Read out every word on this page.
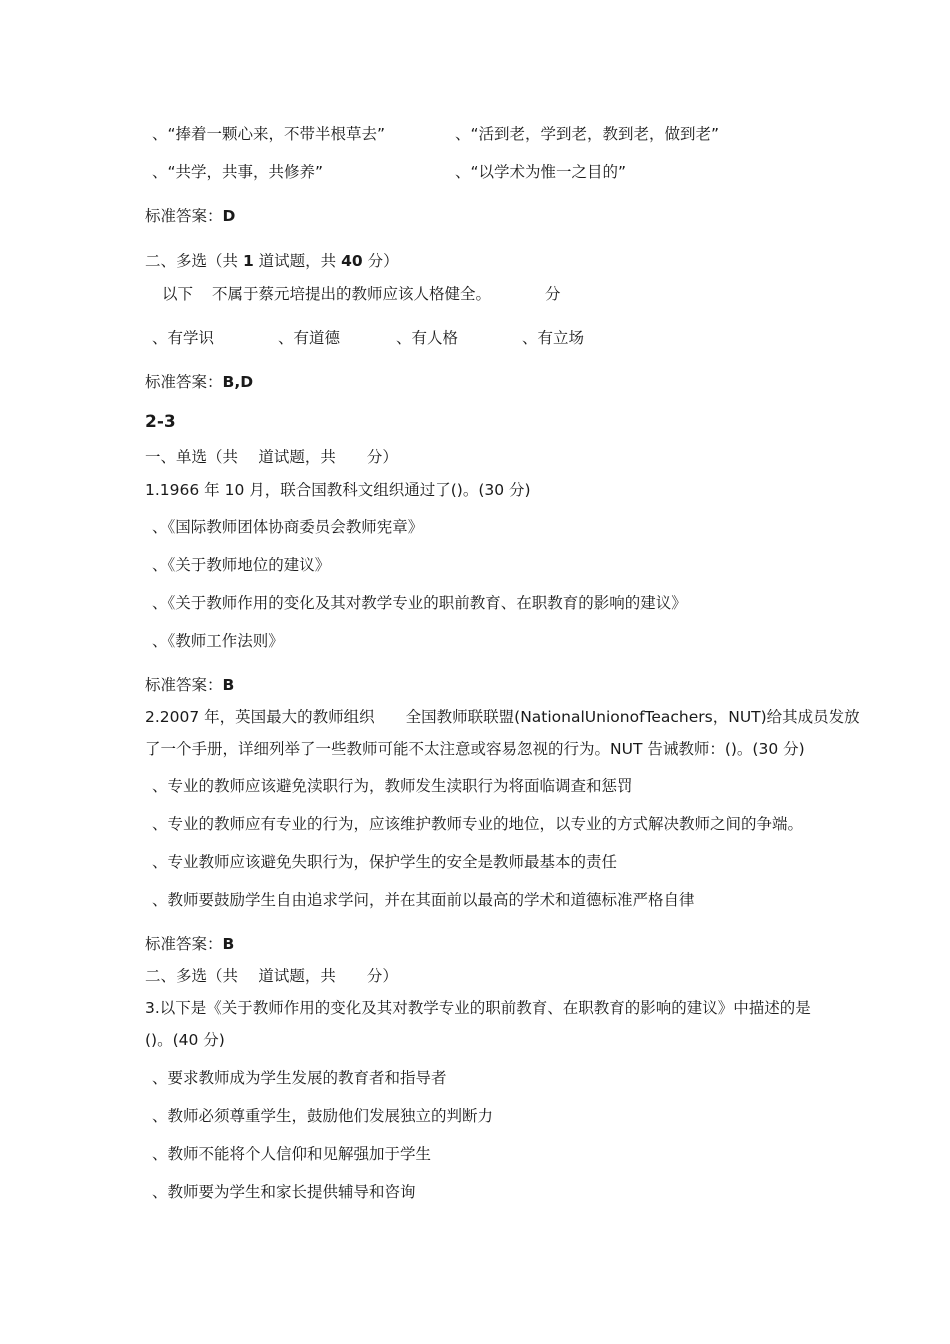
、“捧着一颗心来，不带半根草去”	、“活到老，学到老，教到老，做到老”
、“共学，共事，共修养”	、“以学术为惟一之目的”
标准答案：D
二、多选（共 1 道试题，共 40 分）
以下 不属于蔡元培提出的教师应该人格健全。	分
、有学识	、有道德	、有人格	、有立场
标准答案：B,D
2-3
一、单选（共　 道试题，共　　分）
1.1966 年 10 月，联合国教科文组织通过了()。(30 分)
、《国际教师团体协商委员会教师宪章》
、《关于教师地位的建议》
、《关于教师作用的变化及其对教学专业的职前教育、在职教育的影响的建议》
、《教师工作法则》
标准答案：B
2.2007 年，英国最大的教师组织　　全国教师联联盟(NationalUnionofTeachers，NUT)给其成员发放
了一个手册，详细列举了一些教师可能不太注意或容易忽视的行为。NUT 告诫教师：()。(30 分)
、专业的教师应该避免渎职行为，教师发生渎职行为将面临调查和惩罚
、专业的教师应有专业的行为，应该维护教师专业的地位，以专业的方式解决教师之间的争端。
、专业教师应该避免失职行为，保护学生的安全是教师最基本的责任
、教师要鼓励学生自由追求学问，并在其面前以最高的学术和道德标准严格自律
标准答案：B
二、多选（共　 道试题，共　　分）
3.以下是《关于教师作用的变化及其对教学专业的职前教育、在职教育的影响的建议》中描述的是
()。(40 分)
、要求教师成为学生发展的教育者和指导者
、教师必须尊重学生，鼓励他们发展独立的判断力
、教师不能将个人信仰和见解强加于学生
、教师要为学生和家长提供辅导和咨询
